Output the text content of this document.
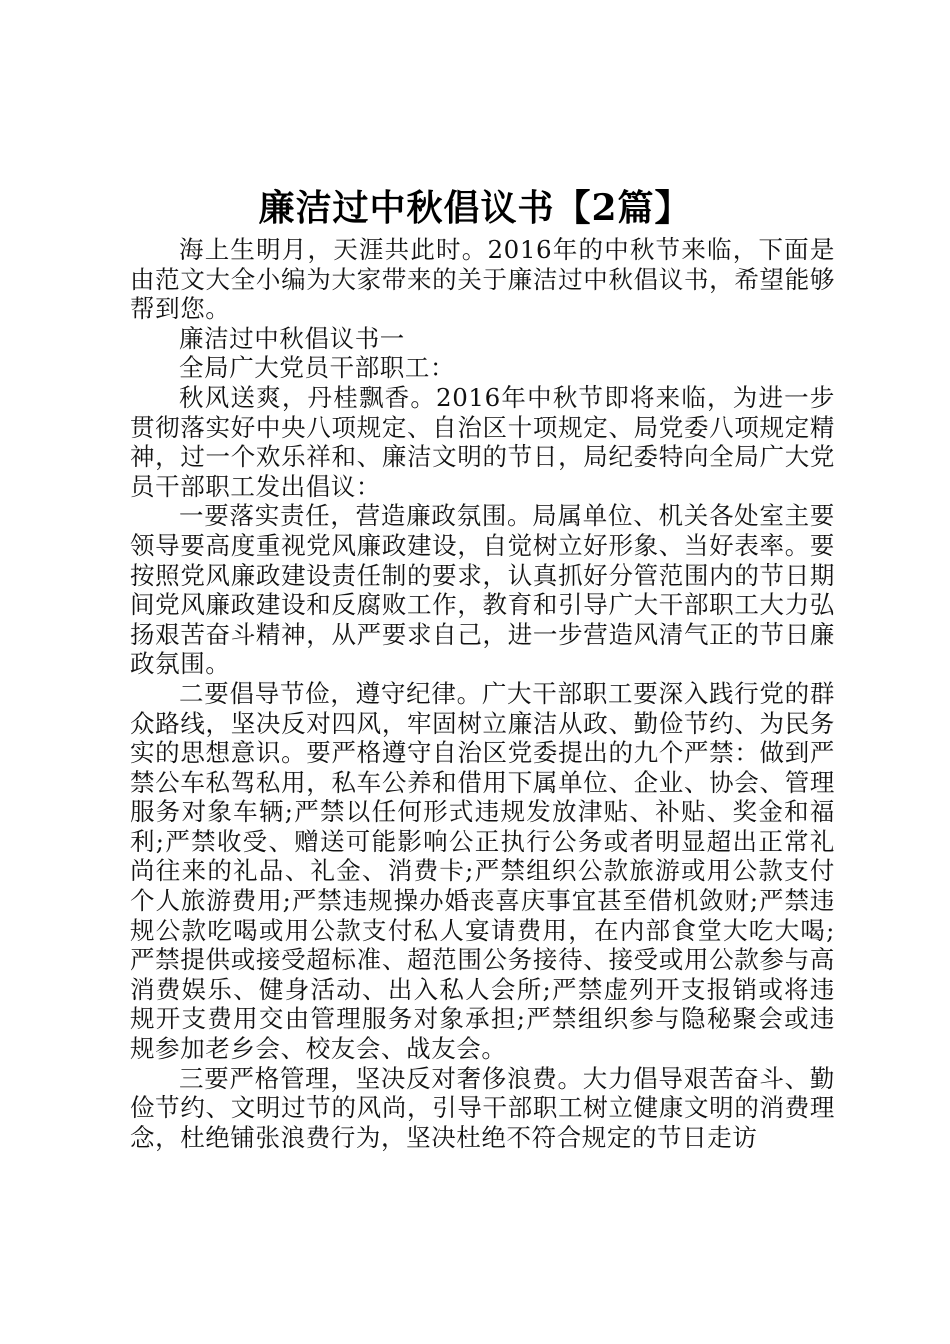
廉洁过中秋倡议书【2篇】

海上生明月，天涯共此时。2016年的中秋节来临，下面是由范文大全小编为大家带来的关于廉洁过中秋倡议书，希望能够帮到您。

廉洁过中秋倡议书一

全局广大党员干部职工：

秋风送爽，丹桂飘香。2016年中秋节即将来临，为进一步贯彻落实好中央八项规定、自治区十项规定、局党委八项规定精神，过一个欢乐祥和、廉洁文明的节日，局纪委特向全局广大党员干部职工发出倡议：

一要落实责任，营造廉政氛围。局属单位、机关各处室主要领导要高度重视党风廉政建设，自觉树立好形象、当好表率。要按照党风廉政建设责任制的要求，认真抓好分管范围内的节日期间党风廉政建设和反腐败工作，教育和引导广大干部职工大力弘扬艰苦奋斗精神，从严要求自己，进一步营造风清气正的节日廉政氛围。

二要倡导节俭，遵守纪律。广大干部职工要深入践行党的群众路线，坚决反对四风，牢固树立廉洁从政、勤俭节约、为民务实的思想意识。要严格遵守自治区党委提出的九个严禁：做到严禁公车私驾私用，私车公养和借用下属单位、企业、协会、管理服务对象车辆;严禁以任何形式违规发放津贴、补贴、奖金和福利;严禁收受、赠送可能影响公正执行公务或者明显超出正常礼尚往来的礼品、礼金、消费卡;严禁组织公款旅游或用公款支付个人旅游费用;严禁违规操办婚丧喜庆事宜甚至借机敛财;严禁违规公款吃喝或用公款支付私人宴请费用，在内部食堂大吃大喝;严禁提供或接受超标准、超范围公务接待、接受或用公款参与高消费娱乐、健身活动、出入私人会所;严禁虚列开支报销或将违规开支费用交由管理服务对象承担;严禁组织参与隐秘聚会或违规参加老乡会、校友会、战友会。

三要严格管理，坚决反对奢侈浪费。大力倡导艰苦奋斗、勤俭节约、文明过节的风尚，引导干部职工树立健康文明的消费理念，杜绝铺张浪费行为，坚决杜绝不符合规定的节日走访
